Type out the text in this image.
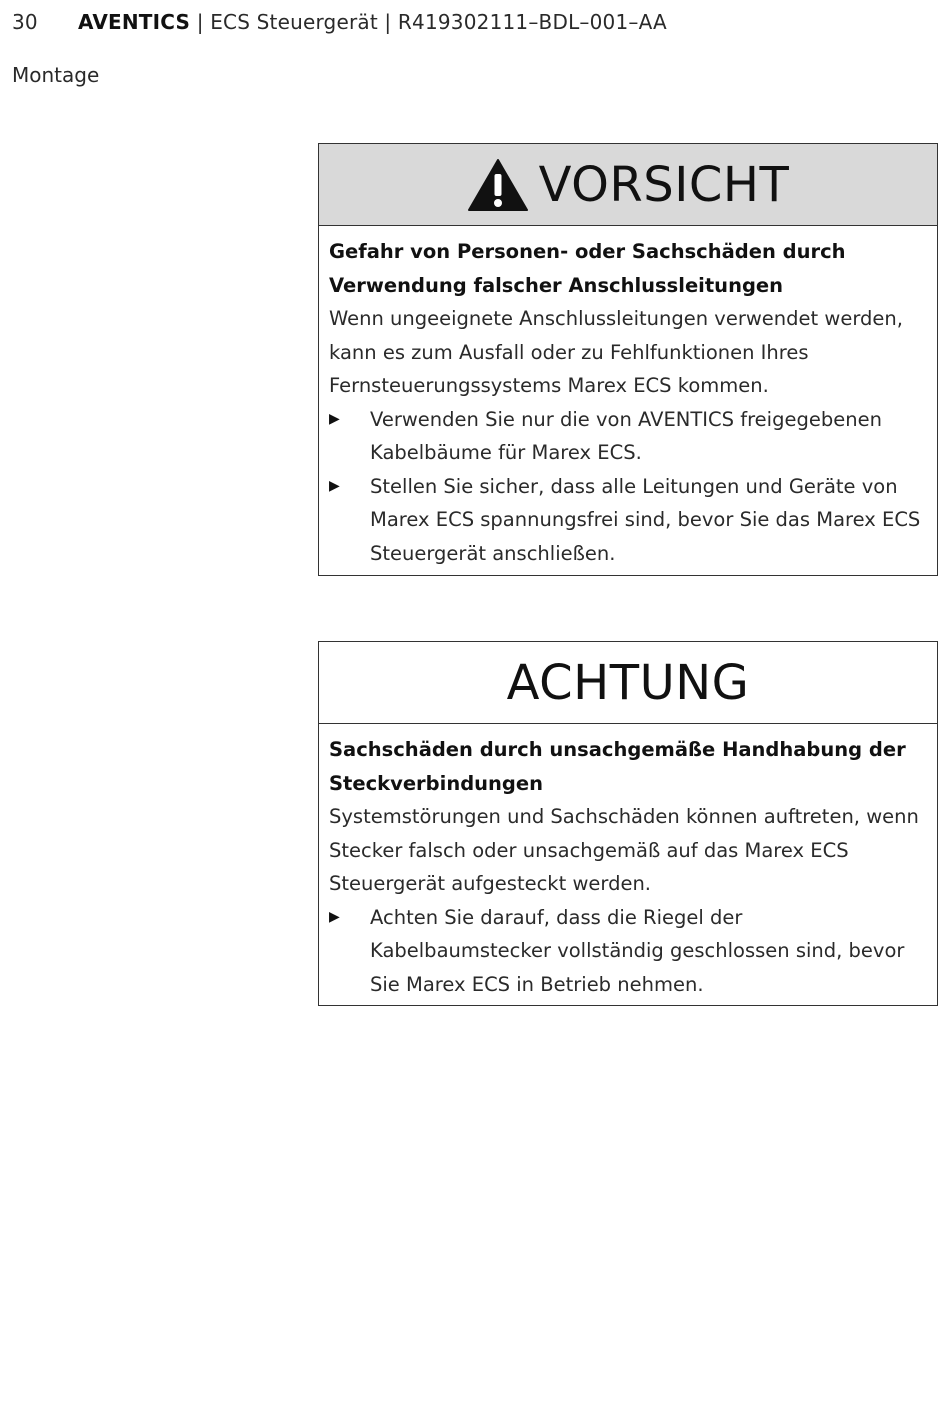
30 AVENTICS | ECS Steuergerät | R419302111–BDL–001–AA
Montage
VORSICHT
Gefahr von Personen- oder Sachschäden durch Verwendung falscher Anschlussleitungen
Wenn ungeeignete Anschlussleitungen verwendet werden, kann es zum Ausfall oder zu Fehlfunktionen Ihres Fernsteuerungssystems Marex ECS kommen.
▶ Verwenden Sie nur die von AVENTICS freigegebenen Kabelbäume für Marex ECS.
▶ Stellen Sie sicher, dass alle Leitungen und Geräte von Marex ECS spannungsfrei sind, bevor Sie das Marex ECS Steuergerät anschließen.
ACHTUNG
Sachschäden durch unsachgemäße Handhabung der Steckverbindungen
Systemstörungen und Sachschäden können auftreten, wenn Stecker falsch oder unsachgemäß auf das Marex ECS Steuergerät aufgesteckt werden.
▶ Achten Sie darauf, dass die Riegel der Kabelbaumstecker vollständig geschlossen sind, bevor Sie Marex ECS in Betrieb nehmen.
